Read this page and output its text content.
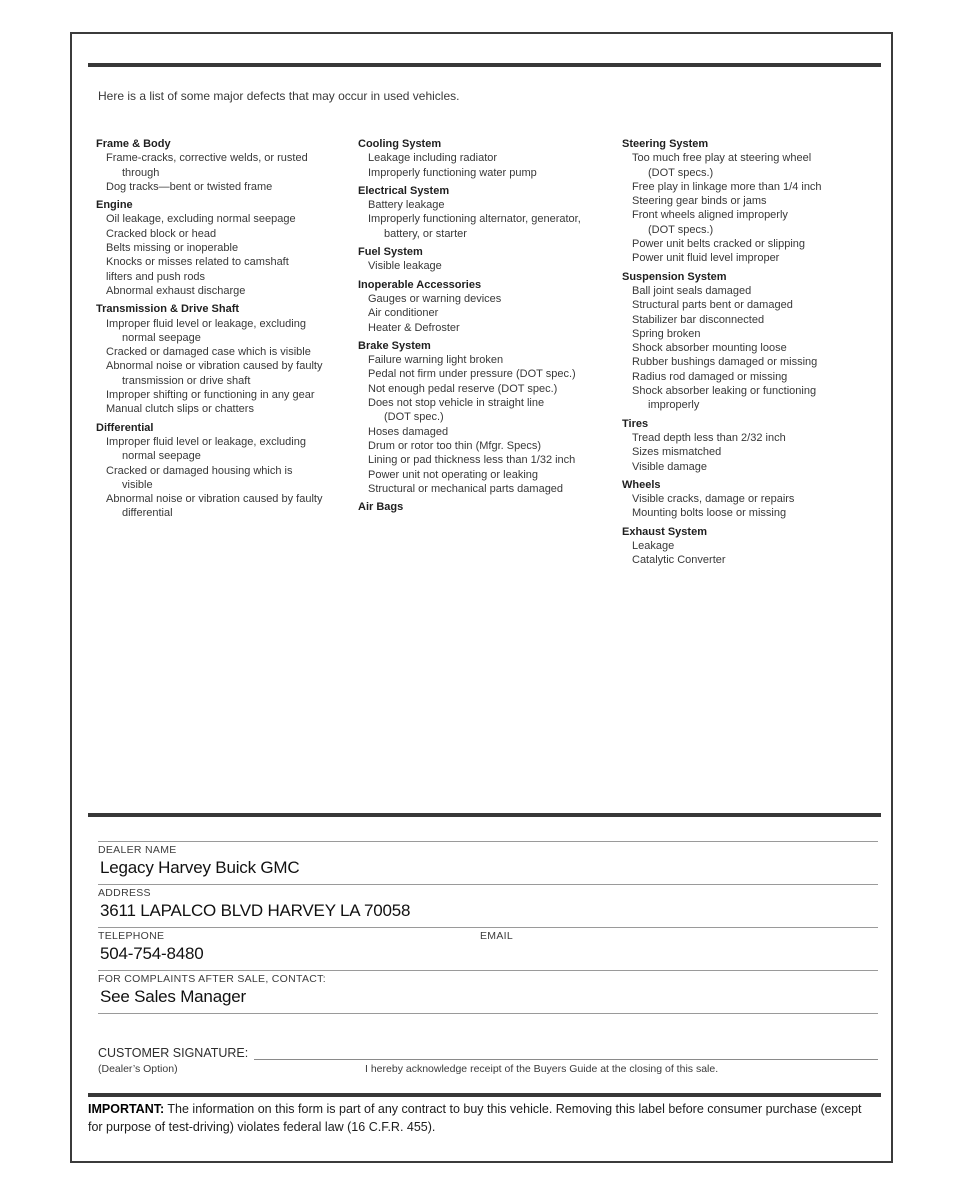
Here is a list of some major defects that may occur in used vehicles.
Frame & Body
Frame-cracks, corrective welds, or rusted
through
Dog tracks—bent or twisted frame
Engine
Oil leakage, excluding normal seepage
Cracked block or head
Belts missing or inoperable
Knocks or misses related to camshaft
lifters and push rods
Abnormal exhaust discharge
Transmission & Drive Shaft
Improper fluid level or leakage, excluding
normal seepage
Cracked or damaged case which is visible
Abnormal noise or vibration caused by faulty
transmission or drive shaft
Improper shifting or functioning in any gear
Manual clutch slips or chatters
Differential
Improper fluid level or leakage, excluding
normal seepage
Cracked or damaged housing which is
visible
Abnormal noise or vibration caused by faulty
differential
Cooling System
Leakage including radiator
Improperly functioning water pump
Electrical System
Battery leakage
Improperly functioning alternator, generator,
battery, or starter
Fuel System
Visible leakage
Inoperable Accessories
Gauges or warning devices
Air conditioner
Heater & Defroster
Brake System
Failure warning light broken
Pedal not firm under pressure (DOT spec.)
Not enough pedal reserve (DOT spec.)
Does not stop vehicle in straight line
(DOT spec.)
Hoses damaged
Drum or rotor too thin (Mfgr. Specs)
Lining or pad thickness less than 1/32 inch
Power unit not operating or leaking
Structural or mechanical parts damaged
Air Bags
Steering System
Too much free play at steering wheel
(DOT specs.)
Free play in linkage more than 1/4 inch
Steering gear binds or jams
Front wheels aligned improperly
(DOT specs.)
Power unit belts cracked or slipping
Power unit fluid level improper
Suspension System
Ball joint seals damaged
Structural parts bent or damaged
Stabilizer bar disconnected
Spring broken
Shock absorber mounting loose
Rubber bushings damaged or missing
Radius rod damaged or missing
Shock absorber leaking or functioning
improperly
Tires
Tread depth less than 2/32 inch
Sizes mismatched
Visible damage
Wheels
Visible cracks, damage or repairs
Mounting bolts loose or missing
Exhaust System
Leakage
Catalytic Converter
DEALER NAME
Legacy Harvey Buick GMC
ADDRESS
3611 LAPALCO BLVD HARVEY LA 70058
TELEPHONE	EMAIL
504-754-8480
FOR COMPLAINTS AFTER SALE, CONTACT:
See Sales Manager
CUSTOMER SIGNATURE:
(Dealer’s Option)	I hereby acknowledge receipt of the Buyers Guide at the closing of this sale.
IMPORTANT: The information on this form is part of any contract to buy this vehicle. Removing this label before consumer purchase (except for purpose of test-driving) violates federal law (16 C.F.R. 455).
